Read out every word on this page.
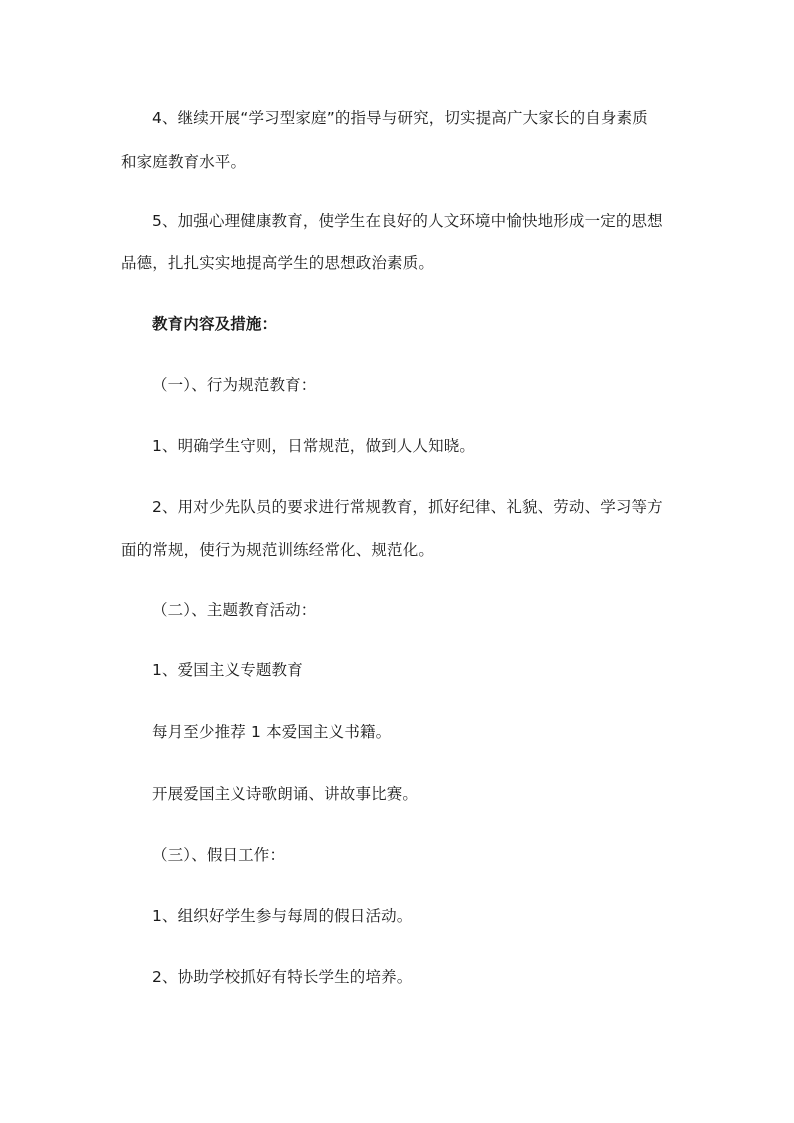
4、继续开展“学习型家庭”的指导与研究，切实提高广大家长的自身素质
和家庭教育水平。
5、加强心理健康教育，使学生在良好的人文环境中愉快地形成一定的思想
品德，扎扎实实地提高学生的思想政治素质。
教育内容及措施：
（一）、行为规范教育：
1、明确学生守则，日常规范，做到人人知晓。
2、用对少先队员的要求进行常规教育，抓好纪律、礼貌、劳动、学习等方
面的常规，使行为规范训练经常化、规范化。
（二）、主题教育活动：
1、爱国主义专题教育
每月至少推荐 1 本爱国主义书籍。
开展爱国主义诗歌朗诵、讲故事比赛。
（三）、假日工作：
1、组织好学生参与每周的假日活动。
2、协助学校抓好有特长学生的培养。
